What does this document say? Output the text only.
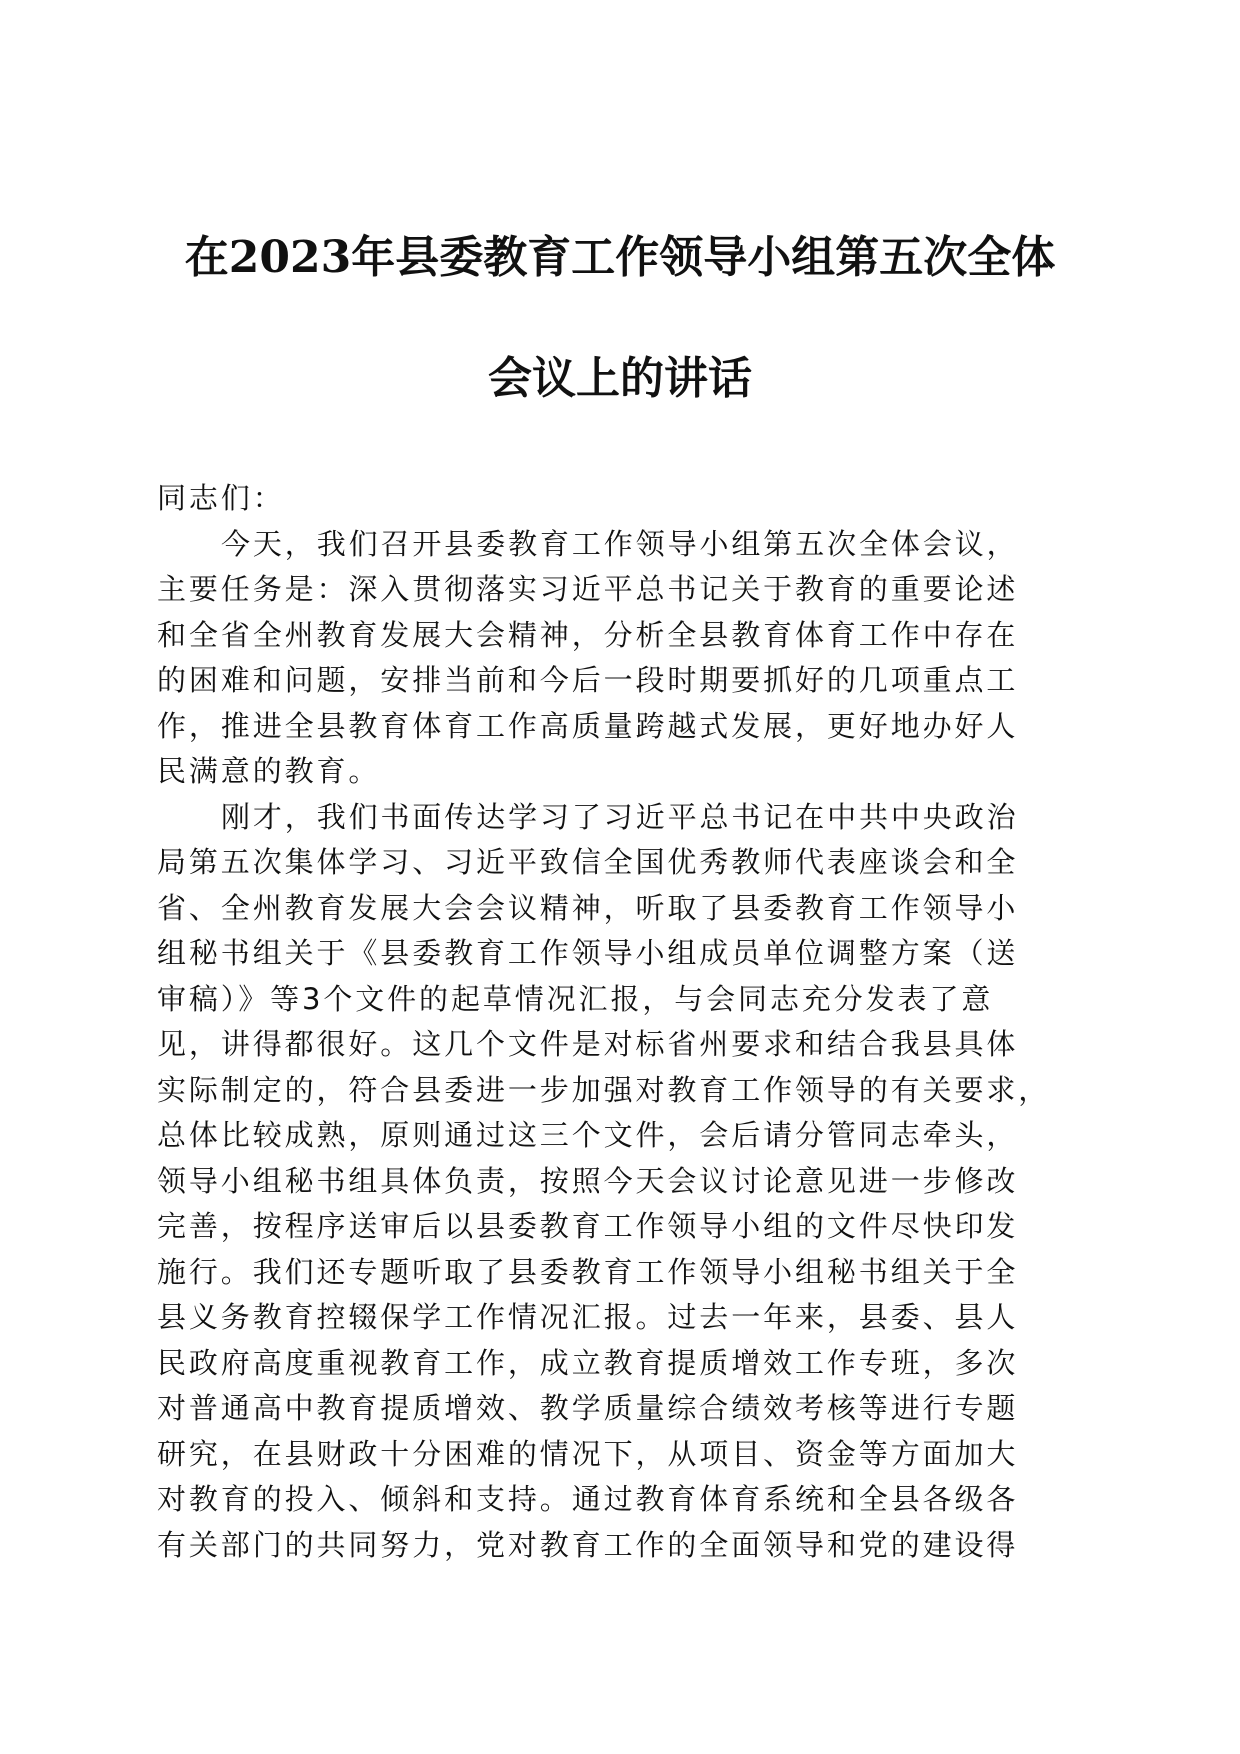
在2023年县委教育工作领导小组第五次全体
会议上的讲话
同志们：
今天，我们召开县委教育工作领导小组第五次全体会议，
主要任务是：深入贯彻落实习近平总书记关于教育的重要论述
和全省全州教育发展大会精神，分析全县教育体育工作中存在
的困难和问题，安排当前和今后一段时期要抓好的几项重点工
作，推进全县教育体育工作高质量跨越式发展，更好地办好人
民满意的教育。
刚才，我们书面传达学习了习近平总书记在中共中央政治
局第五次集体学习、习近平致信全国优秀教师代表座谈会和全
省、全州教育发展大会会议精神，听取了县委教育工作领导小
组秘书组关于《县委教育工作领导小组成员单位调整方案（送
审稿）》等3个文件的起草情况汇报，与会同志充分发表了意
见，讲得都很好。这几个文件是对标省州要求和结合我县具体
实际制定的，符合县委进一步加强对教育工作领导的有关要求，
总体比较成熟，原则通过这三个文件，会后请分管同志牵头，
领导小组秘书组具体负责，按照今天会议讨论意见进一步修改
完善，按程序送审后以县委教育工作领导小组的文件尽快印发
施行。我们还专题听取了县委教育工作领导小组秘书组关于全
县义务教育控辍保学工作情况汇报。过去一年来，县委、县人
民政府高度重视教育工作，成立教育提质增效工作专班，多次
对普通高中教育提质增效、教学质量综合绩效考核等进行专题
研究，在县财政十分困难的情况下，从项目、资金等方面加大
对教育的投入、倾斜和支持。通过教育体育系统和全县各级各
有关部门的共同努力，党对教育工作的全面领导和党的建设得
